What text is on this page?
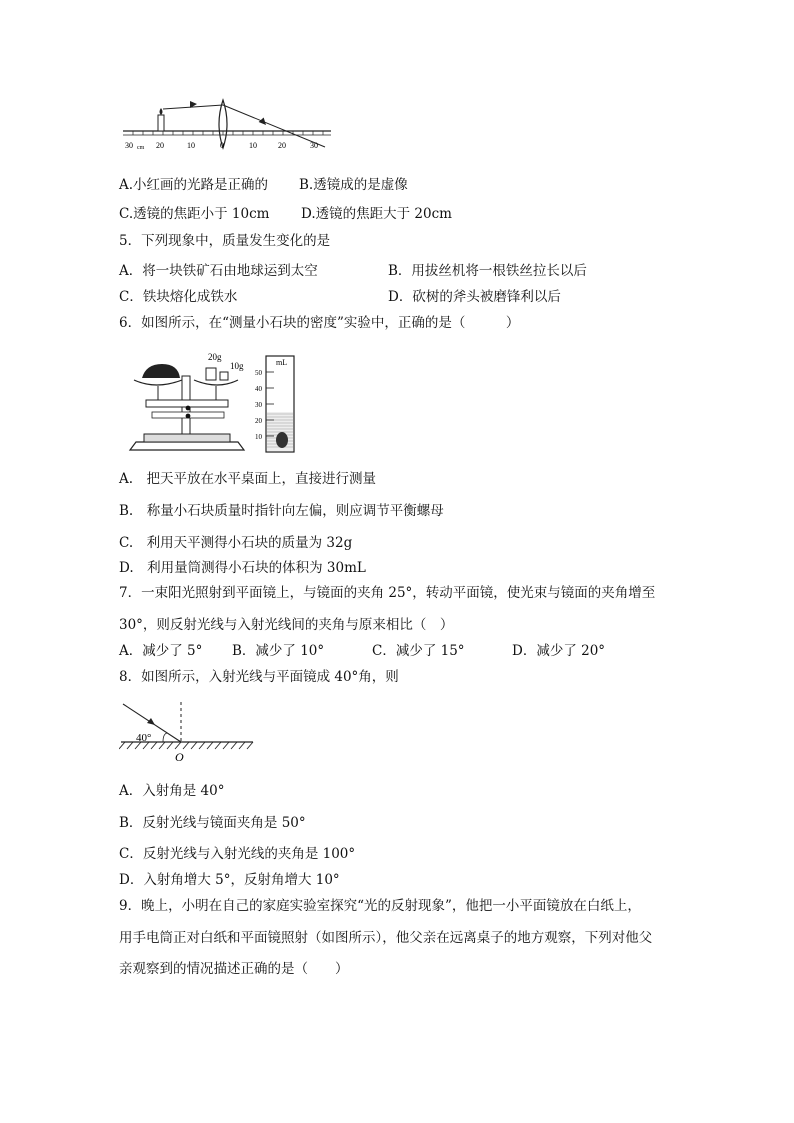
30 cm 20	10	0	10	20	30
A.小红画的光路是正确的 B.透镜成的是虚像
C.透镜的焦距小于 10cm D.透镜的焦距大于 20cm
5．下列现象中，质量发生变化的是
A．将一块铁矿石由地球运到太空	B．用拔丝机将一根铁丝拉长以后
C．铁块熔化成铁水	D．砍树的斧头被磨锋利以后
6．如图所示，在“测量小石块的密度”实验中，正确的是（　　　）
20g
10g	mL
50
40
30
20
10
A.　把天平放在水平桌面上，直接进行测量
B.　称量小石块质量时指针向左偏，则应调节平衡螺母
C.　利用天平测得小石块的质量为 32g
D.　利用量筒测得小石块的体积为 30mL
7．一束阳光照射到平面镜上，与镜面的夹角 25°，转动平面镜，使光束与镜面的夹角增至
30°，则反射光线与入射光线间的夹角与原来相比（　）
A．减少了 5° B．减少了 10°	C．减少了 15°	D．减少了 20°
8．如图所示，入射光线与平面镜成 40°角，则
40°
O
A．入射角是 40°
B．反射光线与镜面夹角是 50°
C．反射光线与入射光线的夹角是 100°
D．入射角增大 5°，反射角增大 10°
9．晚上，小明在自己的家庭实验室探究“光的反射现象”，他把一小平面镜放在白纸上，
用手电筒正对白纸和平面镜照射（如图所示），他父亲在远离桌子的地方观察，下列对他父
亲观察到的情况描述正确的是（　　）
